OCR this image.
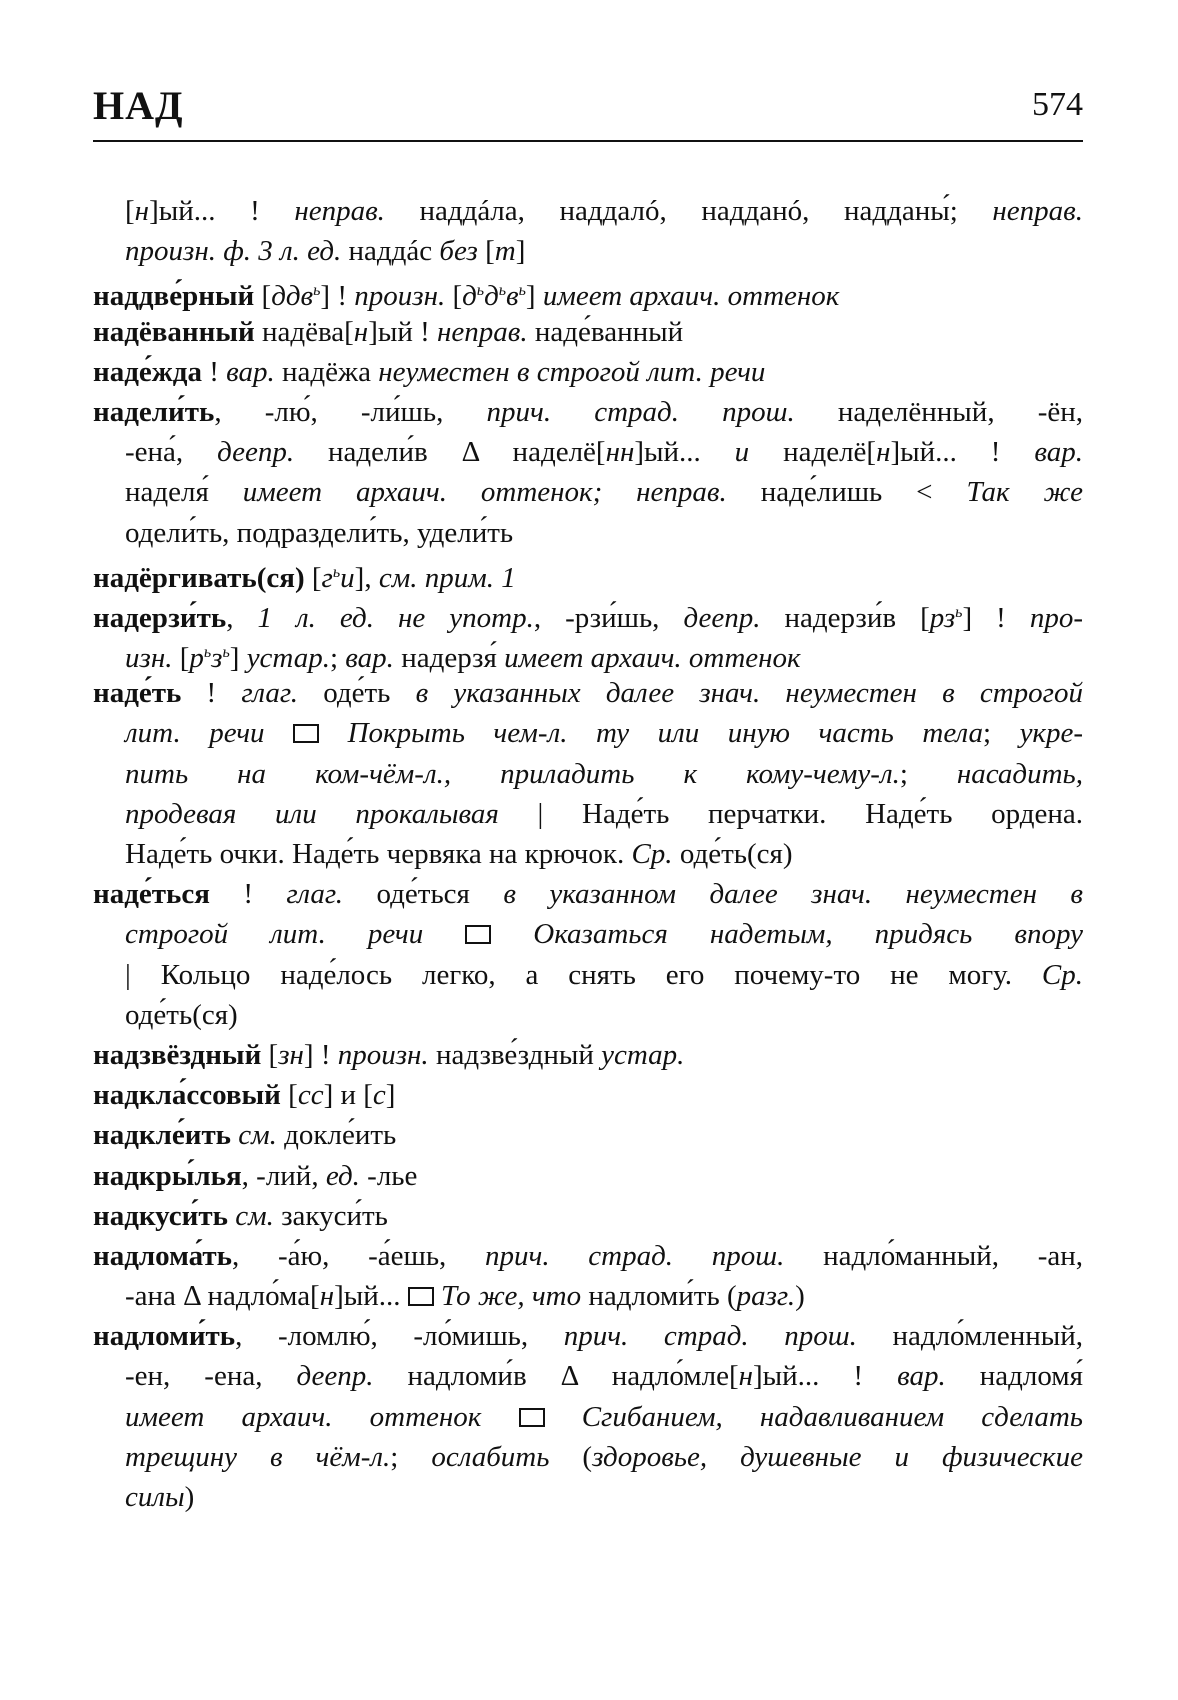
НАД	574
[н]ый... ! неправ. наддáла, наддалó, надданó, надданы́; неправ.
произн. ф. 3 л. ед. наддáс без [т]
наддве́рный [ддв$^ь$] ! произн. $[д^ьд^ьв^ь]$ имеет архаич. оттенок
надёванный надёва[н]ый ! неправ. наде́ванный
наде́жда ! вар. надёжа неуместен в строгой лит. речи
надели́ть, -лю́, -ли́шь, прич. страд. прош. наделённый, -ён,
-ена́, деепр. надели́в Δ наделё[нн]ый... и наделё[н]ый... ! вар.
наделя́ имеет архаич. оттенок; неправ. наде́лишь < Так же
одели́ть, подраздели́ть, удели́ть
надёргивать(ся) $[г^ьи]$, см. прим. 1
надерзи́ть, 1 л. ед. не употр., -рзи́шь, деепр. надерзи́в $[рз^ь]$ ! про-
изн. $[р^ьз^ь]$ устар.; вар. надерзя́ имеет архаич. оттенок
наде́ть ! глаг. оде́ть в указанных далее знач. неуместен в строгой
лит. речи	Покрыть чем-л. ту или иную часть тела; укре-
пить на ком-чём-л., приладить к кому-чему-л.; насадить,
продевая или прокалывая | Наде́ть перчатки. Наде́ть ордена.
Наде́ть очки. Наде́ть червяка на крючок. Ср. оде́ть(ся)
наде́ться ! глаг. оде́ться в указанном далее знач. неуместен в
строгой лит. речи	Оказаться надетым, придясь впору
| Кольцо наде́лось легко, а снять его почему-то не могу. Ср.
оде́ть(ся)
надзвёздный [зн] ! произн. надзве́здный устар.
надкла́ссовый [сс] и [с]
надкле́ить см. докле́ить
надкры́лья, -лий, ед. -лье
надкуси́ть см. закуси́ть
надлома́ть, -а́ю, -а́ешь, прич. страд. прош. надло́манный, -ан,
-ана Δ надло́ма[н]ый...  То же, что надломи́ть (разг.)
надломи́ть, -ломлю́, -ло́мишь, прич. страд. прош. надло́мленный,
-ен, -ена, деепр. надломи́в Δ надло́мле[н]ый... ! вар. надломя́
имеет архаич. оттенок	Сгибанием, надавливанием сделать
трещину в чём-л.; ослабить (здоровье, душевные и физические
силы)
